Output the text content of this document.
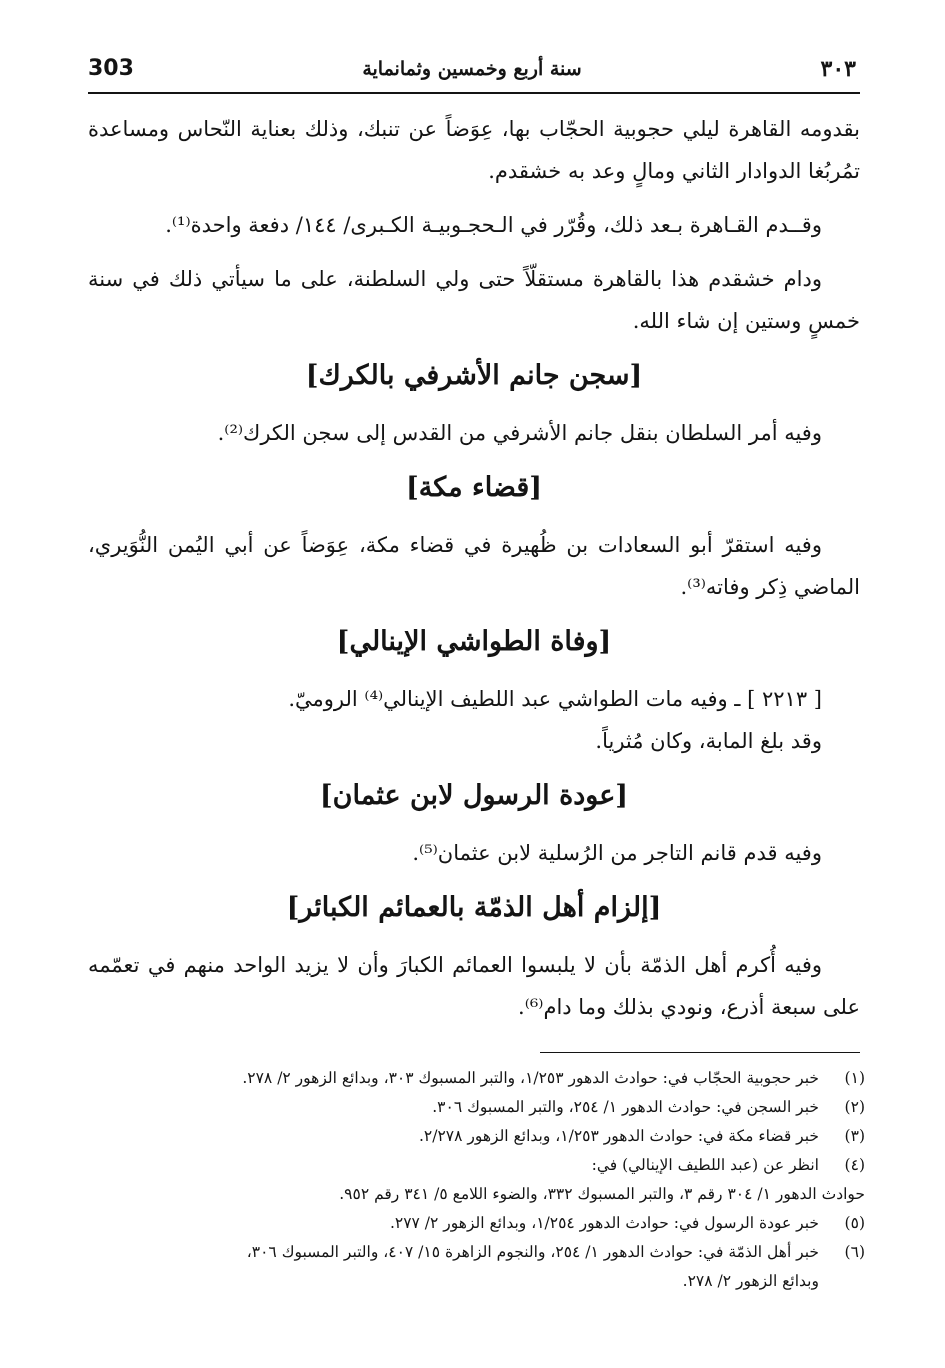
303	سنة أربع وخمسين وثمانماية	٣٠٣

بقدومه القاهرة ليلي حجوبية الحجّاب بها، عِوَضاً عن تنبك، وذلك بعناية النّحاس ومساعدة تمُربُغا الدوادار الثاني ومالٍ وعد به خشقدم.

وقــدم القـاهرة بـعد ذلك، وقُرّر في الـحجـوبيـة الكـبرى/ ١٤٤/ دفعة واحدة⁽¹⁾.

ودام خشقدم هذا بالقاهرة مستقلّاً حتى ولي السلطنة، على ما سيأتي ذلك في سنة خمسٍ وستين إن شاء الله.

[سجن جانم الأشرفي بالكرك]

وفيه أمر السلطان بنقل جانم الأشرفي من القدس إلى سجن الكرك⁽²⁾.

[قضاء مكة]

وفيه استقرّ أبو السعادات بن ظُهيرة في قضاء مكة، عِوَضاً عن أبي اليُمن النُّوَيري، الماضي ذِكر وفاته⁽³⁾.

[وفاة الطواشي الإينالي]

[ ٢٢١٣ ] ـ وفيه مات الطواشي عبد اللطيف الإينالي⁽⁴⁾ الروميّ.

وقد بلغ المابة، وكان مُثرياً.

[عودة الرسول لابن عثمان]

وفيه قدم قانم التاجر من الرُسلية لابن عثمان⁽⁵⁾.

[إلزام أهل الذمّة بالعمائم الكبائر]

وفيه أُكرم أهل الذمّة بأن لا يلبسوا العمائم الكبارَ وأن لا يزيد الواحد منهم في تعمّمه على سبعة أذرع، ونودي بذلك وما دام⁽⁶⁾.

(١)
خبر حجوبية الحجّاب في: حوادث الدهور ١/٢٥٣، والتبر المسبوك ٣٠٣، وبدائع الزهور ٢/ ٢٧٨.
(٢)
خبر السجن في: حوادث الدهور ١/ ٢٥٤، والتبر المسبوك ٣٠٦.
(٣)
خبر قضاء مكة في: حوادث الدهور ١/٢٥٣، وبدائع الزهور ٢/٢٧٨.
(٤)
انظر عن (عبد اللطيف الإينالي) في:
حوادث الدهور ١/ ٣٠٤ رقم ٣، والتبر المسبوك ٣٣٢، والضوء اللامع ٥/ ٣٤١ رقم ٩٥٢.
(٥)
خبر عودة الرسول في: حوادث الدهور ١/٢٥٤، وبدائع الزهور ٢/ ٢٧٧.
(٦)
خبر أهل الذمّة في: حوادث الدهور ١/ ٢٥٤، والنجوم الزاهرة ١٥/ ٤٠٧، والتبر المسبوك ٣٠٦،
وبدائع الزهور ٢/ ٢٧٨.
